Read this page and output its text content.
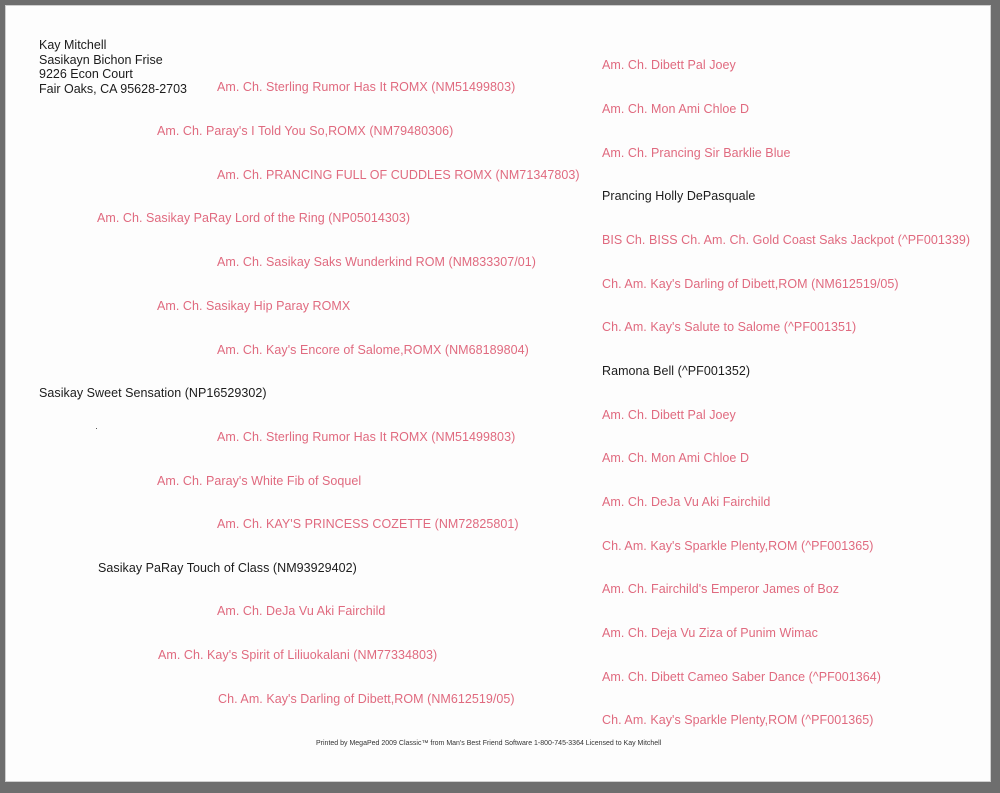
Kay Mitchell
Sasikayn Bichon Frise
9226 Econ Court
Fair Oaks, CA 95628-2703 Am. Ch. Sterling Rumor Has It ROMX (NM51499803)
Am. Ch. Paray's I Told You So,ROMX (NM79480306)
Am. Ch. PRANCING FULL OF CUDDLES ROMX (NM71347803)
Am. Ch. Sasikay PaRay Lord of the Ring (NP05014303)
Am. Ch. Sasikay Saks Wunderkind ROM (NM833307/01)
Am. Ch. Sasikay Hip Paray ROMX
Am. Ch. Kay's Encore of Salome,ROMX (NM68189804)
Sasikay Sweet Sensation (NP16529302)
Am. Ch. Sterling Rumor Has It ROMX (NM51499803)
Am. Ch. Paray's White Fib of Soquel
Am. Ch. KAY'S PRINCESS COZETTE (NM72825801)
Sasikay PaRay Touch of Class (NM93929402)
Am. Ch. DeJa Vu Aki Fairchild
Am. Ch. Kay's Spirit of Liliuokalani (NM77334803)
Ch. Am. Kay's Darling of Dibett,ROM (NM612519/05)
Am. Ch. Dibett Pal Joey
Am. Ch. Mon Ami Chloe D
Am. Ch. Prancing Sir Barklie Blue
Prancing Holly DePasquale
BIS Ch. BISS Ch. Am. Ch. Gold Coast Saks Jackpot (^PF001339)
Ch. Am. Kay's Darling of Dibett,ROM (NM612519/05)
Ch. Am. Kay's Salute to Salome (^PF001351)
Ramona Bell (^PF001352)
Am. Ch. Dibett Pal Joey
Am. Ch. Mon Ami Chloe D
Am. Ch. DeJa Vu Aki Fairchild
Ch. Am. Kay's Sparkle Plenty,ROM (^PF001365)
Am. Ch. Fairchild's Emperor James of Boz
Am. Ch. Deja Vu Ziza of Punim Wimac
Am. Ch. Dibett Cameo Saber Dance (^PF001364)
Ch. Am. Kay's Sparkle Plenty,ROM (^PF001365)
Printed by MegaPed 2009 Classic™ from Man's Best Friend Software 1-800-745-3364 Licensed to Kay Mitchell
